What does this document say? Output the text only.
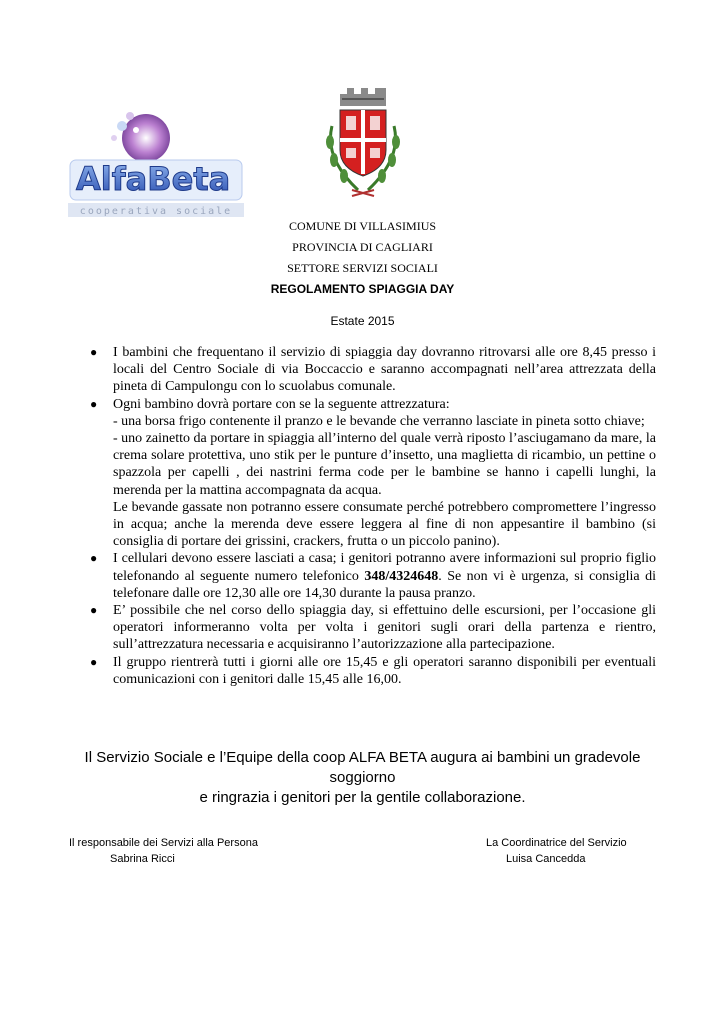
AlfaBeta
cooperativa sociale
COMUNE DI VILLASIMIUS
PROVINCIA DI CAGLIARI
SETTORE SERVIZI SOCIALI
REGOLAMENTO SPIAGGIA DAY
Estate 2015
● I bambini che frequentano il servizio di spiaggia day dovranno ritrovarsi alle ore 8,45 presso i locali del Centro Sociale di via Boccaccio e saranno accompagnati nell’area attrezzata della pineta di Campulongu con lo scuolabus comunale.
● Ogni bambino dovrà portare con se la seguente attrezzatura:
- una borsa frigo contenente il pranzo e le bevande che verranno lasciate in pineta sotto chiave;
- uno zainetto da portare in spiaggia all’interno del quale verrà riposto l’asciugamano da mare, la crema solare protettiva, uno stik per le punture d’insetto, una maglietta di ricambio, un pettine o spazzola per capelli , dei nastrini ferma code per le bambine se hanno i capelli lunghi, la merenda per la mattina accompagnata da acqua.
Le bevande gassate non potranno essere consumate perché potrebbero compromettere l’ingresso in acqua; anche la merenda deve essere leggera al fine di non appesantire il bambino (si consiglia di portare dei grissini, crackers, frutta o un piccolo panino).
● I cellulari devono essere lasciati a casa; i genitori potranno avere informazioni sul proprio figlio telefonando al seguente numero telefonico 348/4324648. Se non vi è urgenza, si consiglia di telefonare dalle ore 12,30 alle ore 14,30 durante la pausa pranzo.
● E’ possibile che nel corso dello spiaggia day, si effettuino delle escursioni, per l’occasione gli operatori informeranno volta per volta i genitori sugli orari della partenza e rientro, sull’attrezzatura necessaria e acquisiranno l’autorizzazione alla partecipazione.
● Il gruppo rientrerà tutti i giorni alle ore 15,45 e gli operatori saranno disponibili per eventuali comunicazioni con i genitori dalle 15,45 alle 16,00.
Il Servizio Sociale e l’Equipe della coop ALFA BETA augura ai bambini un gradevole soggiorno
e ringrazia i genitori per la gentile collaborazione.
Il responsabile dei Servizi alla Persona
Sabrina Ricci
La Coordinatrice del Servizio
Luisa Cancedda
